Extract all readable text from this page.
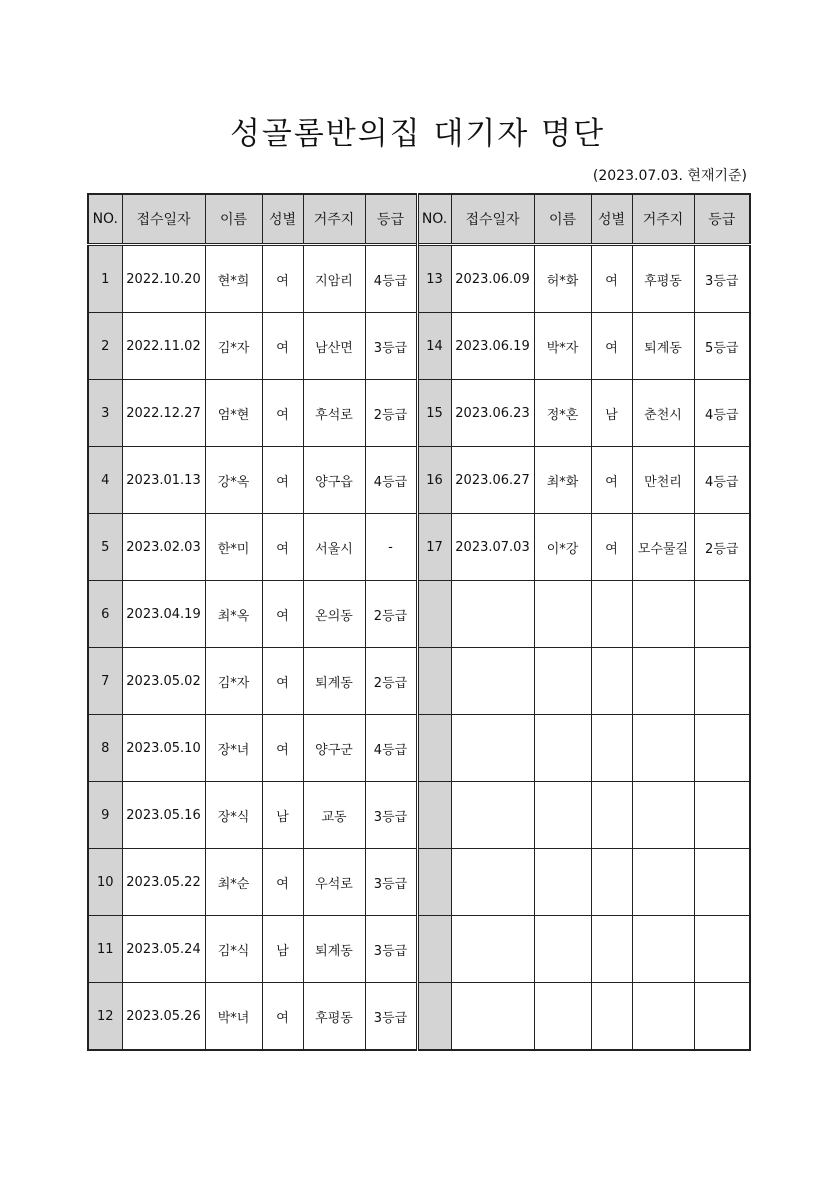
성골롬반의집 대기자 명단
(2023.07.03. 현재기준)
NO.	접수일자	이름	성별	거주지	등급	NO.	접수일자	이름	성별	거주지	등급
1	2022.10.20	현*희	여	지암리	4등급	13	2023.06.09	허*화	여	후평동	3등급
2	2022.11.02	김*자	여	남산면	3등급	14	2023.06.19	박*자	여	퇴계동	5등급
3	2022.12.27	엄*현	여	후석로	2등급	15	2023.06.23	정*혼	남	춘천시	4등급
4	2023.01.13	강*옥	여	양구읍	4등급	16	2023.06.27	최*화	여	만천리	4등급
5	2023.02.03	한*미	여	서울시	-	17	2023.07.03	이*강	여	모수물길	2등급
6	2023.04.19	최*옥	여	온의동	2등급						
7	2023.05.02	김*자	여	퇴계동	2등급						
8	2023.05.10	장*녀	여	양구군	4등급						
9	2023.05.16	장*식	남	교동	3등급						
10	2023.05.22	최*순	여	우석로	3등급						
11	2023.05.24	김*식	남	퇴계동	3등급						
12	2023.05.26	박*녀	여	후평동	3등급						
